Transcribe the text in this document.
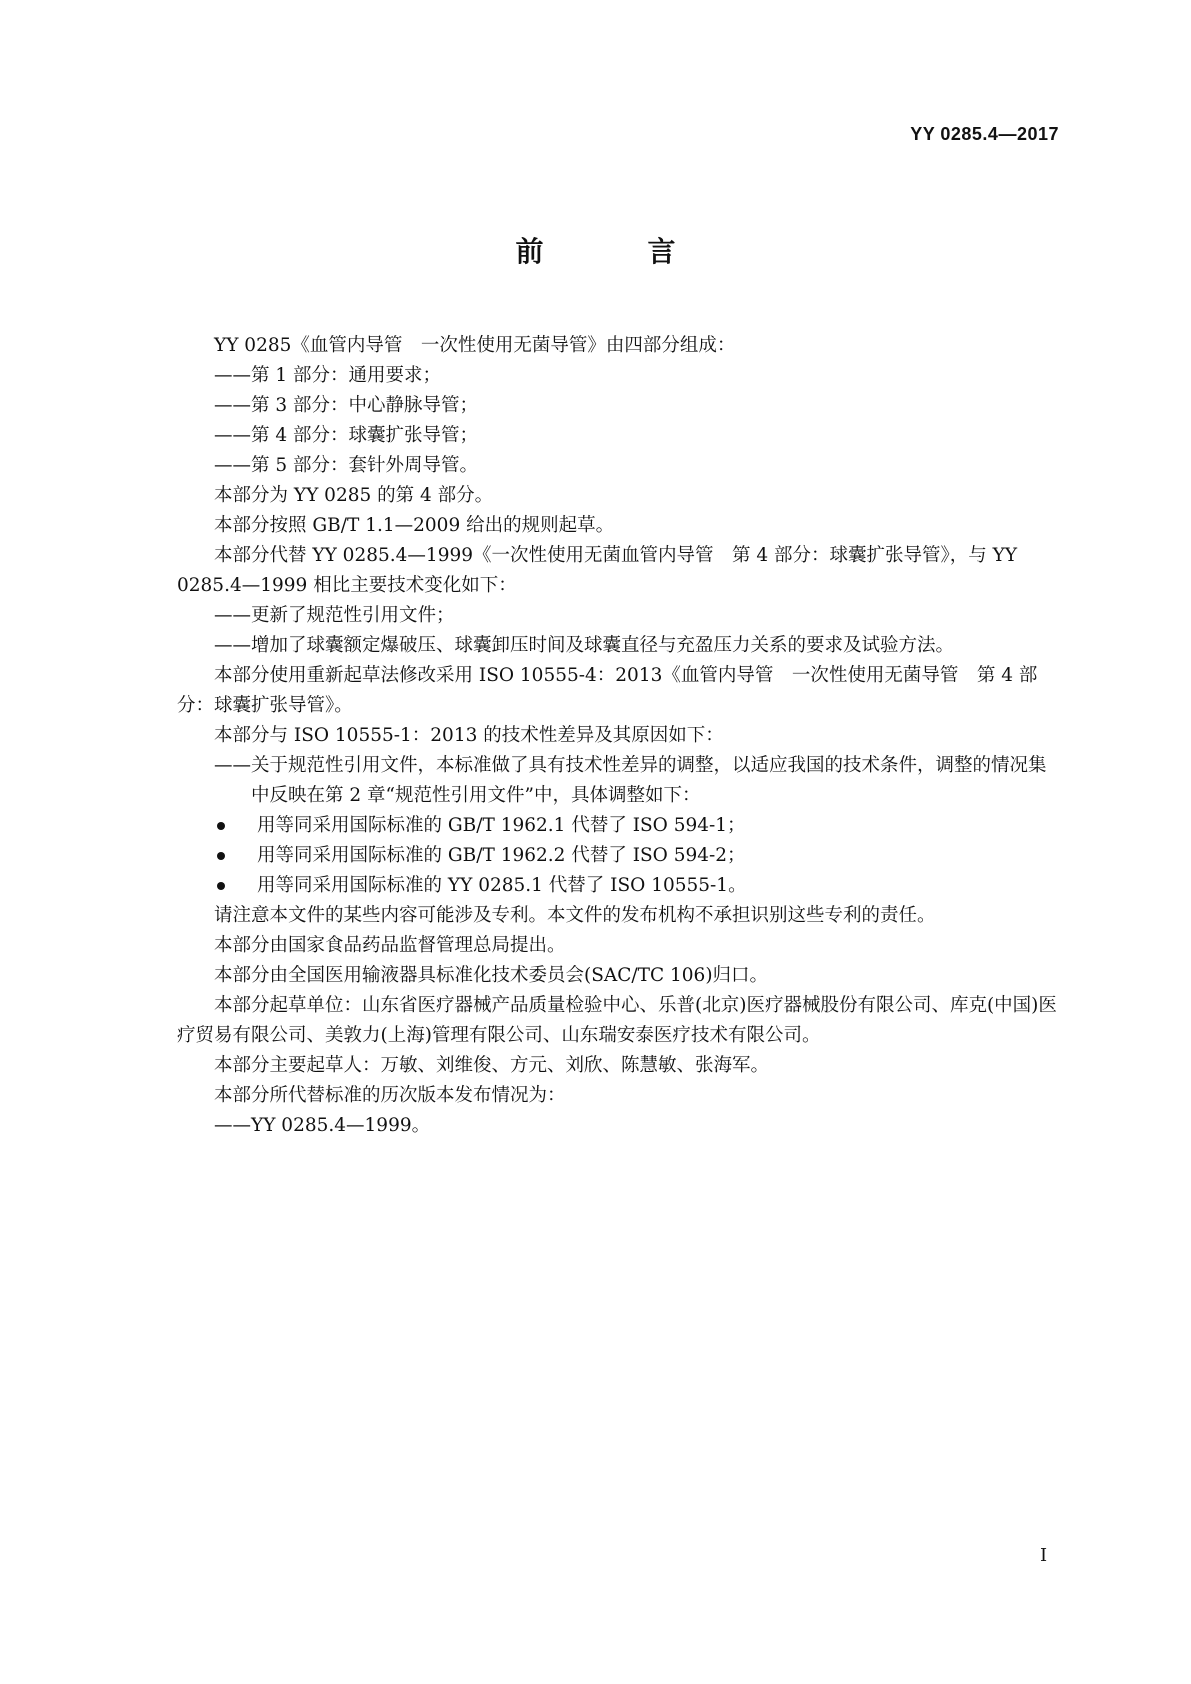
YY 0285.4—2017
前　言

YY 0285《血管内导管　一次性使用无菌导管》由四部分组成：

——第 1 部分：通用要求；

——第 3 部分：中心静脉导管；

——第 4 部分：球囊扩张导管；

——第 5 部分：套针外周导管。

本部分为 YY 0285 的第 4 部分。

本部分按照 GB/T 1.1—2009 给出的规则起草。

本部分代替 YY 0285.4—1999《一次性使用无菌血管内导管　第 4 部分：球囊扩张导管》，与 YY 0285.4—1999 相比主要技术变化如下：

——更新了规范性引用文件；

——增加了球囊额定爆破压、球囊卸压时间及球囊直径与充盈压力关系的要求及试验方法。

本部分使用重新起草法修改采用 ISO 10555-4：2013《血管内导管　一次性使用无菌导管　第 4 部分：球囊扩张导管》。

本部分与 ISO 10555-1：2013 的技术性差异及其原因如下：

——关于规范性引用文件，本标准做了具有技术性差异的调整，以适应我国的技术条件，调整的情况集中反映在第 2 章“规范性引用文件”中，具体调整如下：

用等同采用国际标准的 GB/T 1962.1 代替了 ISO 594-1；
用等同采用国际标准的 GB/T 1962.2 代替了 ISO 594-2；
用等同采用国际标准的 YY 0285.1 代替了 ISO 10555-1。

请注意本文件的某些内容可能涉及专利。本文件的发布机构不承担识别这些专利的责任。

本部分由国家食品药品监督管理总局提出。

本部分由全国医用输液器具标准化技术委员会(SAC/TC 106)归口。

本部分起草单位：山东省医疗器械产品质量检验中心、乐普(北京)医疗器械股份有限公司、库克(中国)医疗贸易有限公司、美敦力(上海)管理有限公司、山东瑞安泰医疗技术有限公司。

本部分主要起草人：万敏、刘维俊、方元、刘欣、陈慧敏、张海军。

本部分所代替标准的历次版本发布情况为：

——YY 0285.4—1999。

I
